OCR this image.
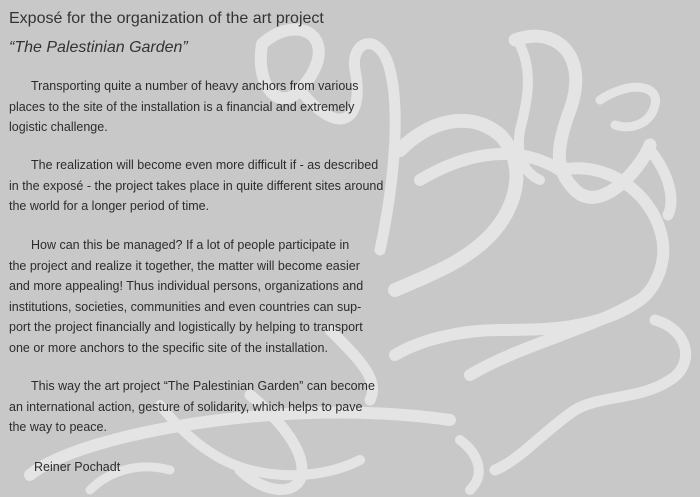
Exposé for the organization of the art project
“The Palestinian Garden”
Transporting quite a number of heavy anchors from various
places to the site of the installation is a financial and extremely
logistic challenge.
The realization will become even more difficult if - as described
in the exposé - the project takes place in quite different sites around
the world for a longer period of time.
How can this be managed? If a lot of people participate in
the project and realize it together, the matter will become easier
and more appealing! Thus individual persons, organizations and
institutions, societies, communities and even countries can sup-
port the project financially and logistically by helping to transport
one or more anchors to the specific site of the installation.
This way the art project “The Palestinian Garden” can become
an international action, gesture of solidarity, which helps to pave
the way to peace.
Reiner Pochadt
